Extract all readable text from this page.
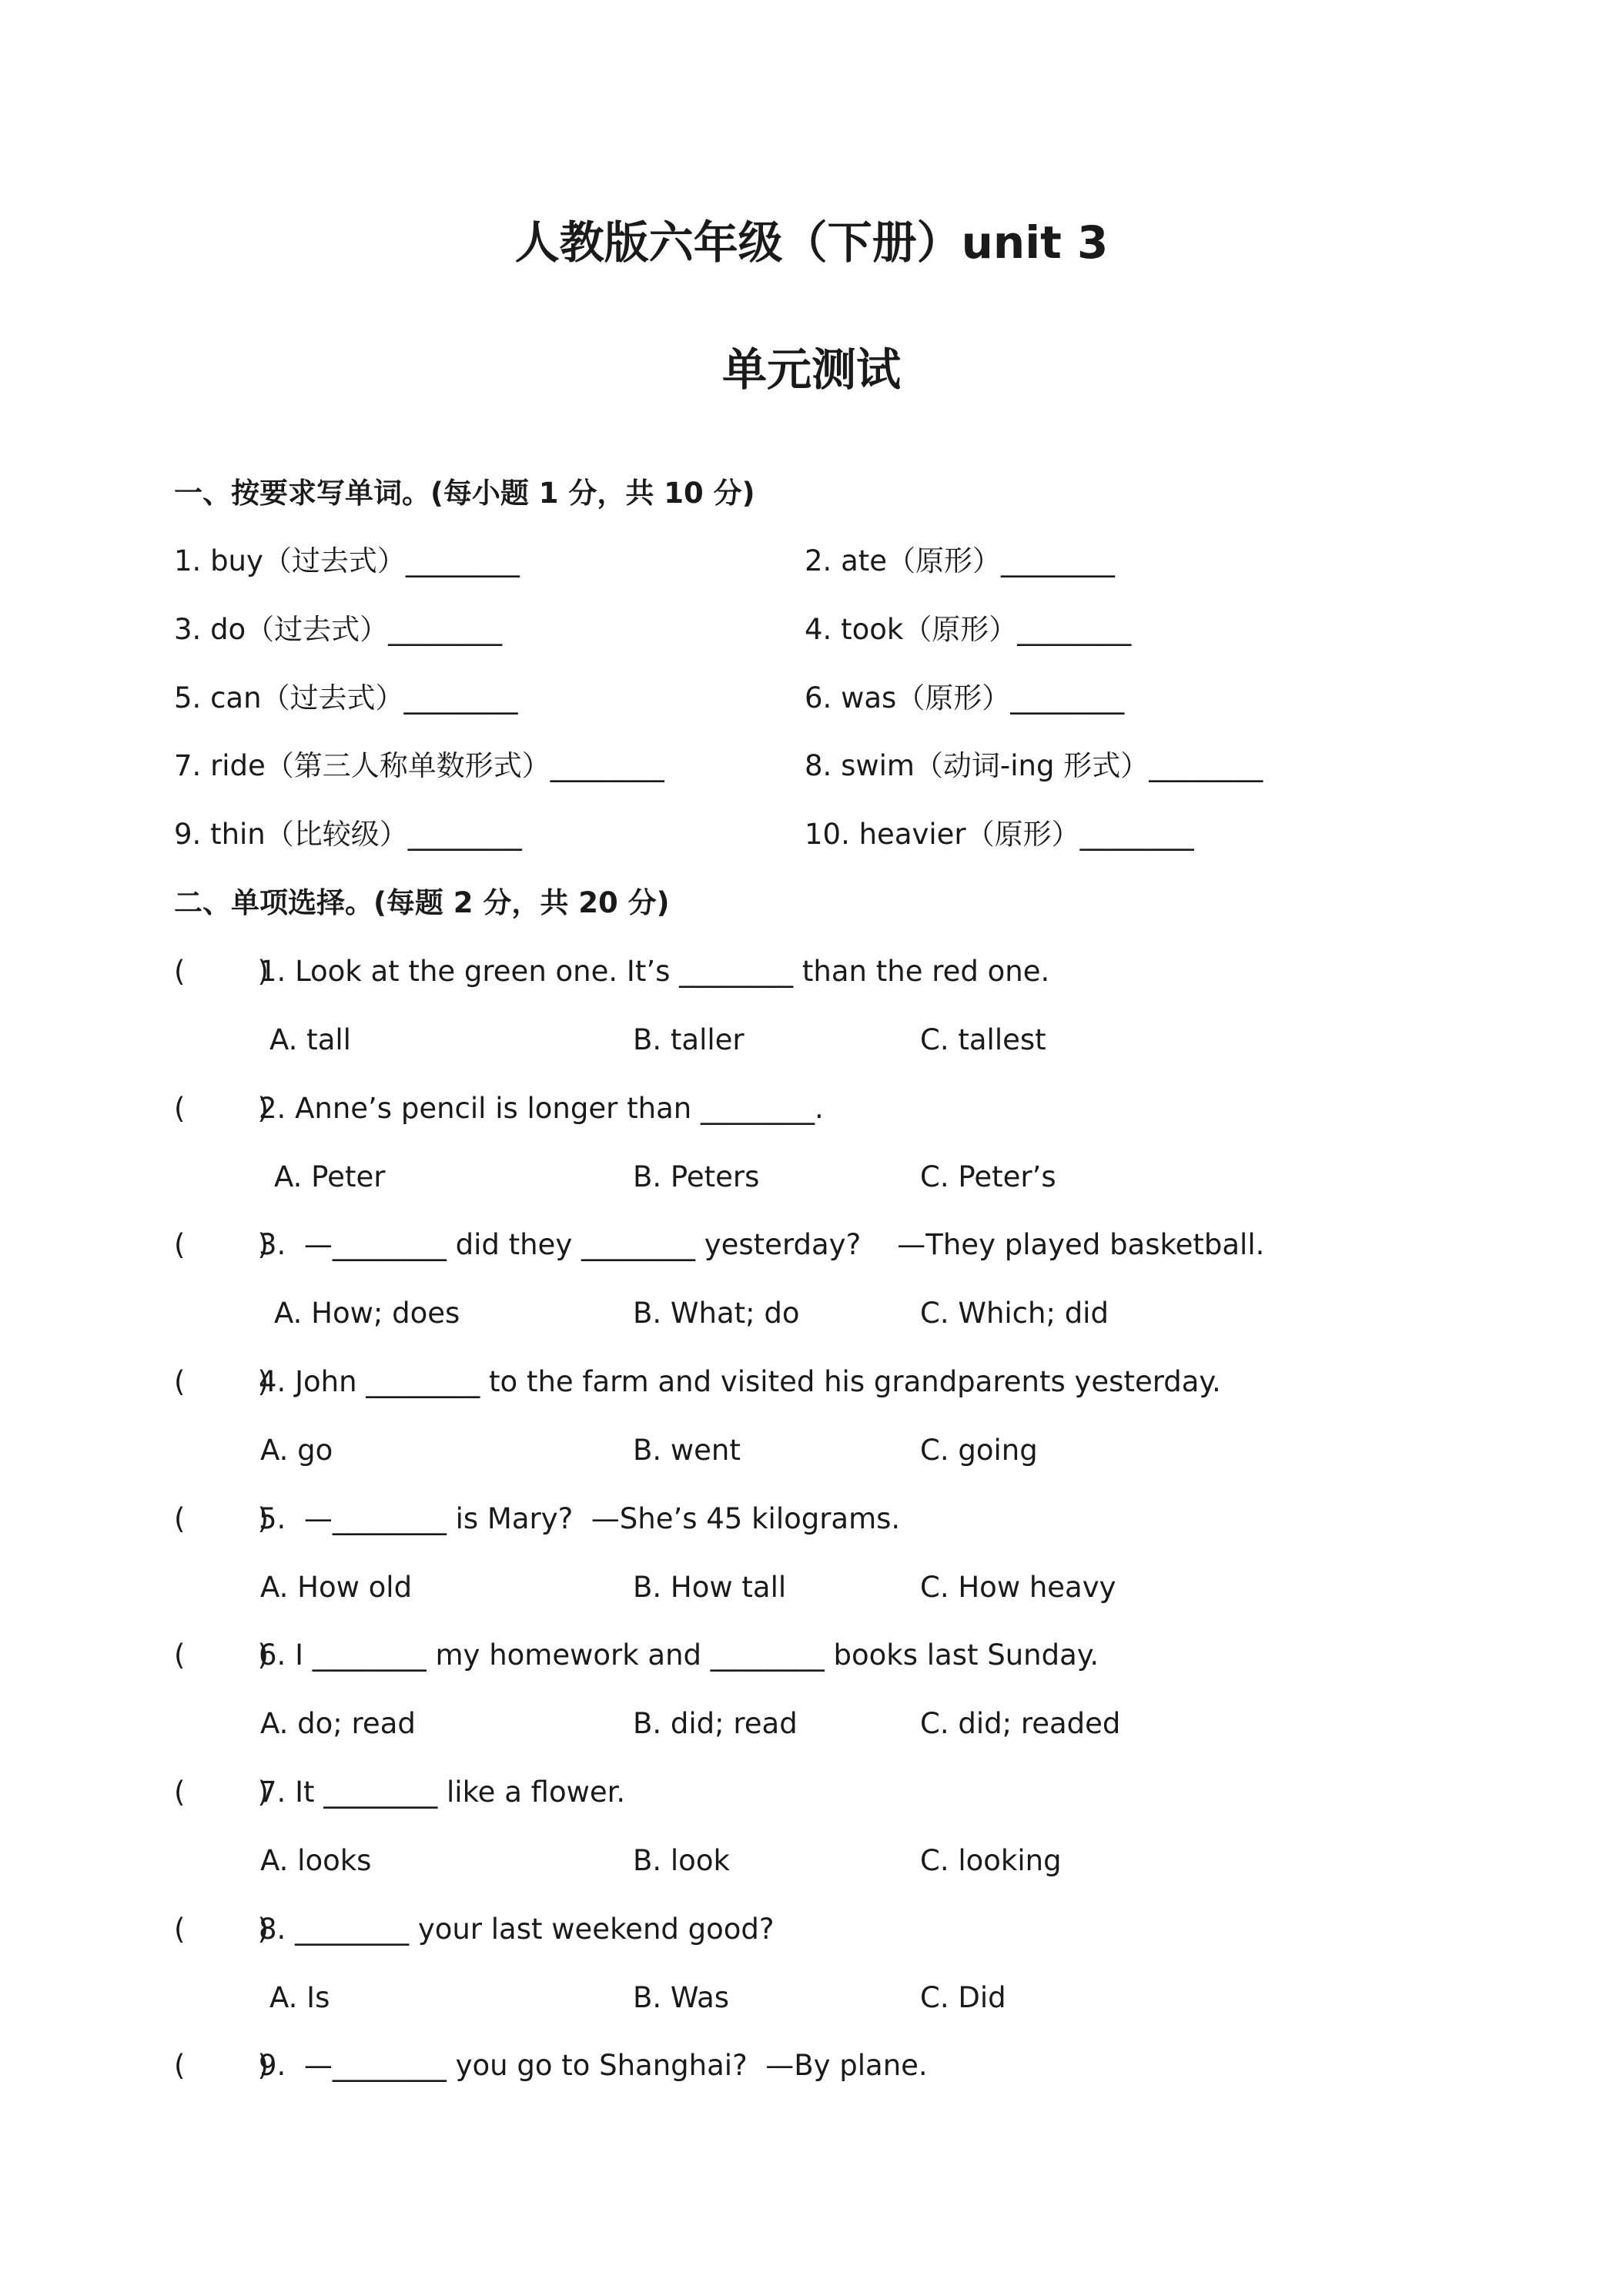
人教版六年级（下册）unit 3
单元测试
一、按要求写单词。(每小题 1 分，共 10 分)
1. buy（过去式）________	2. ate（原形）________
3. do（过去式）________	4. took（原形）________
5. can（过去式）________	6. was（原形）________
7. ride（第三人称单数形式）________	8. swim（动词-ing 形式）________
9. thin（比较级）________	10. heavier（原形）________
二、单项选择。(每题 2 分，共 20 分)
(        )
1. Look at the green one. It’s ________ than the red one.
A. tall	B. taller	C. tallest
(        )
2. Anne’s pencil is longer than ________.
A. Peter	B. Peters	C. Peter’s
(        )
3.  —________ did they ________ yesterday?    —They played basketball.
A. How; does	B. What; do	C. Which; did
(        )
4. John ________ to the farm and visited his grandparents yesterday.
A. go	B. went	C. going
(        )
5.  —________ is Mary?  —She’s 45 kilograms.
A. How old	B. How tall	C. How heavy
(        )
6. I ________ my homework and ________ books last Sunday.
A. do; read	B. did; read	C. did; readed
(        )
7. It ________ like a flower.
A. looks	B. look	C. looking
(        )
8. ________ your last weekend good?
A. Is	B. Was	C. Did
(        )
9.  —________ you go to Shanghai?  —By plane.
